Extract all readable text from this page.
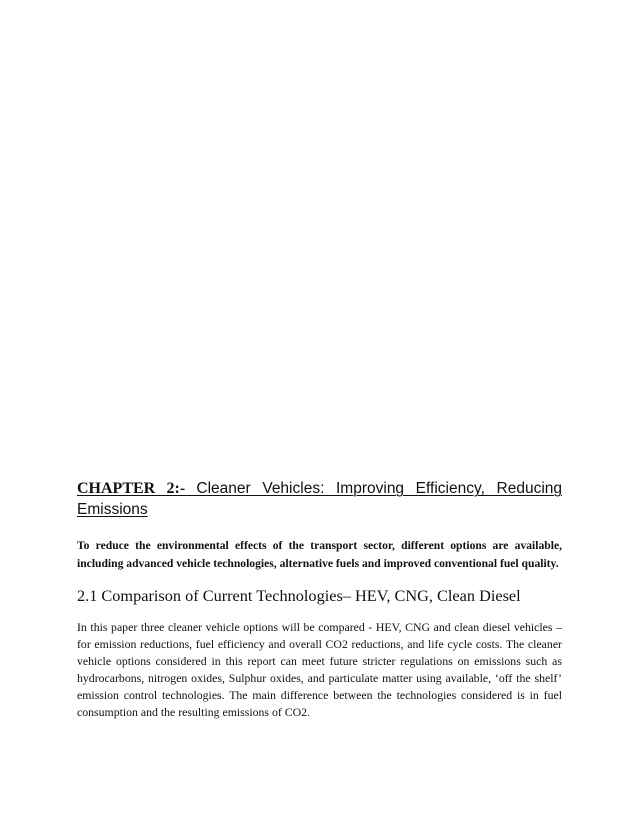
CHAPTER 2:- Cleaner Vehicles: Improving Efficiency, Reducing Emissions

To reduce the environmental effects of the transport sector, different options are available, including advanced vehicle technologies, alternative fuels and improved conventional fuel quality.

2.1 Comparison of Current Technologies– HEV, CNG, Clean Diesel

In this paper three cleaner vehicle options will be compared - HEV, CNG and clean diesel vehicles – for emission reductions, fuel efficiency and overall CO2 reductions, and life cycle costs. The cleaner vehicle options considered in this report can meet future stricter regulations on emissions such as hydrocarbons, nitrogen oxides, Sulphur oxides, and particulate matter using available, ‘off the shelf’ emission control technologies. The main difference between the technologies considered is in fuel consumption and the resulting emissions of CO2.
